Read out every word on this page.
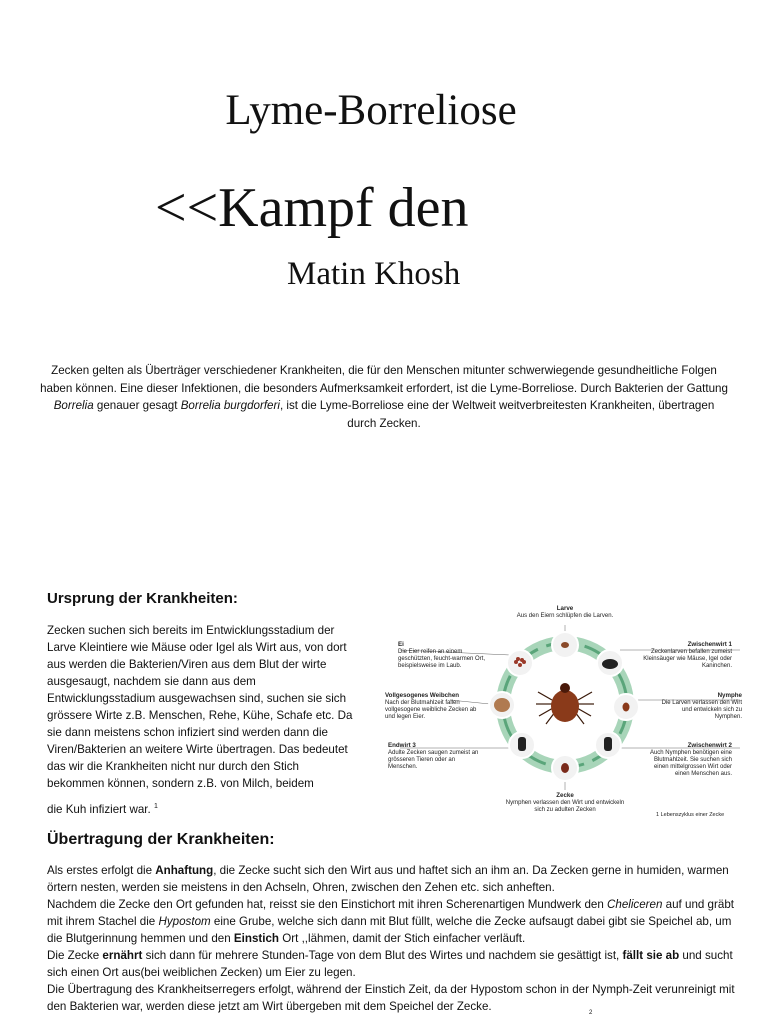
Lyme-Borreliose
<<Kampf den
Matin Khosh

Zecken gelten als Überträger verschiedener Krankheiten, die für den Menschen mitunter schwerwiegende gesundheitliche Folgen haben können. Eine dieser Infektionen, die besonders Aufmerksamkeit erfordert, ist die Lyme-Borreliose. Durch Bakterien der Gattung Borrelia genauer gesagt Borrelia burgdorferi, ist die Lyme-Borreliose eine der Weltweit weitverbreitesten Krankheiten, übertragen durch Zecken.

Ursprung der Krankheiten:
Zecken suchen sich bereits im Entwicklungsstadium der Larve Kleintiere wie Mäuse oder Igel als Wirt aus, von dort aus werden die Bakterien/Viren aus dem Blut der wirte ausgesaugt, nachdem sie dann aus dem Entwicklungsstadium ausgewachsen sind, suchen sie sich grössere Wirte z.B. Menschen, Rehe, Kühe, Schafe etc. Da sie dann meistens schon infiziert sind werden dann die Viren/Bakterien an weitere Wirte übertragen. Das bedeutet das wir die Krankheiten nicht nur durch den Stich bekommen können, sondern z.B. von Milch, beidem
die Kuh infiziert war. $^1$
Larve
Aus den Eiern schlüpfen die Larven.
Ei
Die Eier reifen an einem geschützten, feucht-warmen Ort, beispielsweise im Laub.
Zwischenwirt 1
Zeckenlarven befallen zumeist Kleinsäuger wie Mäuse, Igel oder Kaninchen.
Vollgesogenes Weibchen
Nach der Blutmahlzeit fallen vollgesogene weibliche Zecken ab und legen Eier.
Nymphe
Die Larven verlassen den Wirt und entwickeln sich zu Nymphen.
Endwirt 3
Adulte Zecken saugen zumeist an grösseren Tieren oder an Menschen.
Zwischenwirt 2
Auch Nymphen benötigen eine Blutmahlzeit. Sie suchen sich einen mittelgrossen Wirt oder einen Menschen aus.
Zecke
Nymphen verlassen den Wirt und entwickeln sich zu adulten Zecken
1 Lebenszyklus einer Zecke
Übertragung der Krankheiten:
Als erstes erfolgt die Anhaftung, die Zecke sucht sich den Wirt aus und haftet sich an ihm an. Da Zecken gerne in humiden, warmen örtern nesten, werden sie meistens in den Achseln, Ohren, zwischen den Zehen etc. sich anheften.
Nachdem die Zecke den Ort gefunden hat, reisst sie den Einstichort mit ihren Scherenartigen Mundwerk den Cheliceren auf und gräbt mit ihrem Stachel die Hypostom eine Grube, welche sich dann mit Blut füllt, welche die Zecke aufsaugt dabei gibt sie Speichel ab, um die Blutgerinnung hemmen und den Einstich Ort ,,lähmen, damit der Stich einfacher verläuft.
Die Zecke ernährt sich dann für mehrere Stunden-Tage von dem Blut des Wirtes und nachdem sie gesättigt ist, fällt sie ab und sucht sich einen Ort aus(bei weiblichen Zecken) um Eier zu legen.
Die Übertragung des Krankheitserregers erfolgt, während der Einstich Zeit, da der Hypostom schon in der Nymph-Zeit verunreinigt mit den Bakterien war, werden diese jetzt am Wirt übergeben mit dem Speichel der Zecke.	2
